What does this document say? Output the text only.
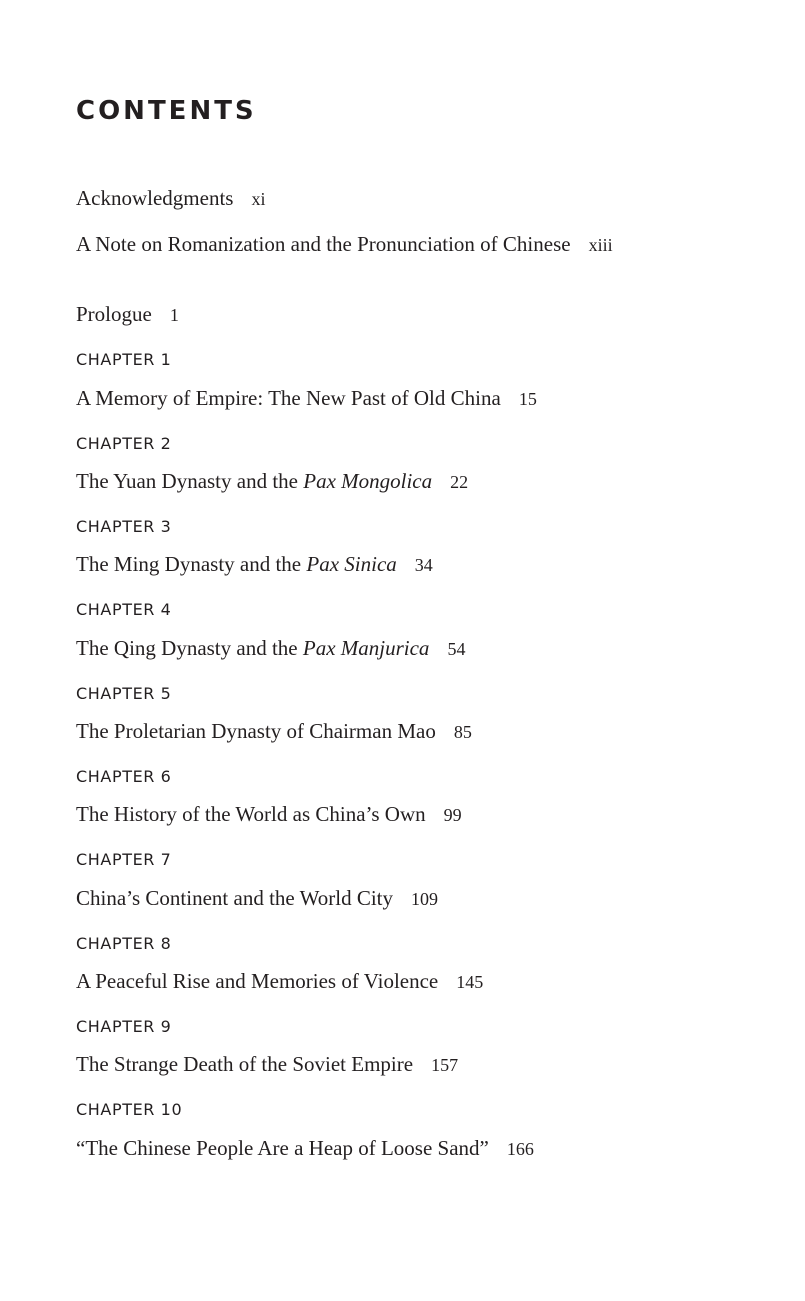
CONTENTS
Acknowledgments xi
A Note on Romanization and the Pronunciation of Chinese xiii
Prologue 1
CHAPTER 1
A Memory of Empire: The New Past of Old China 15
CHAPTER 2
The Yuan Dynasty and the Pax Mongolica 22
CHAPTER 3
The Ming Dynasty and the Pax Sinica 34
CHAPTER 4
The Qing Dynasty and the Pax Manjurica 54
CHAPTER 5
The Proletarian Dynasty of Chairman Mao 85
CHAPTER 6
The History of the World as China’s Own 99
CHAPTER 7
China’s Continent and the World City 109
CHAPTER 8
A Peaceful Rise and Memories of Violence 145
CHAPTER 9
The Strange Death of the Soviet Empire 157
CHAPTER 10
“The Chinese People Are a Heap of Loose Sand” 166
